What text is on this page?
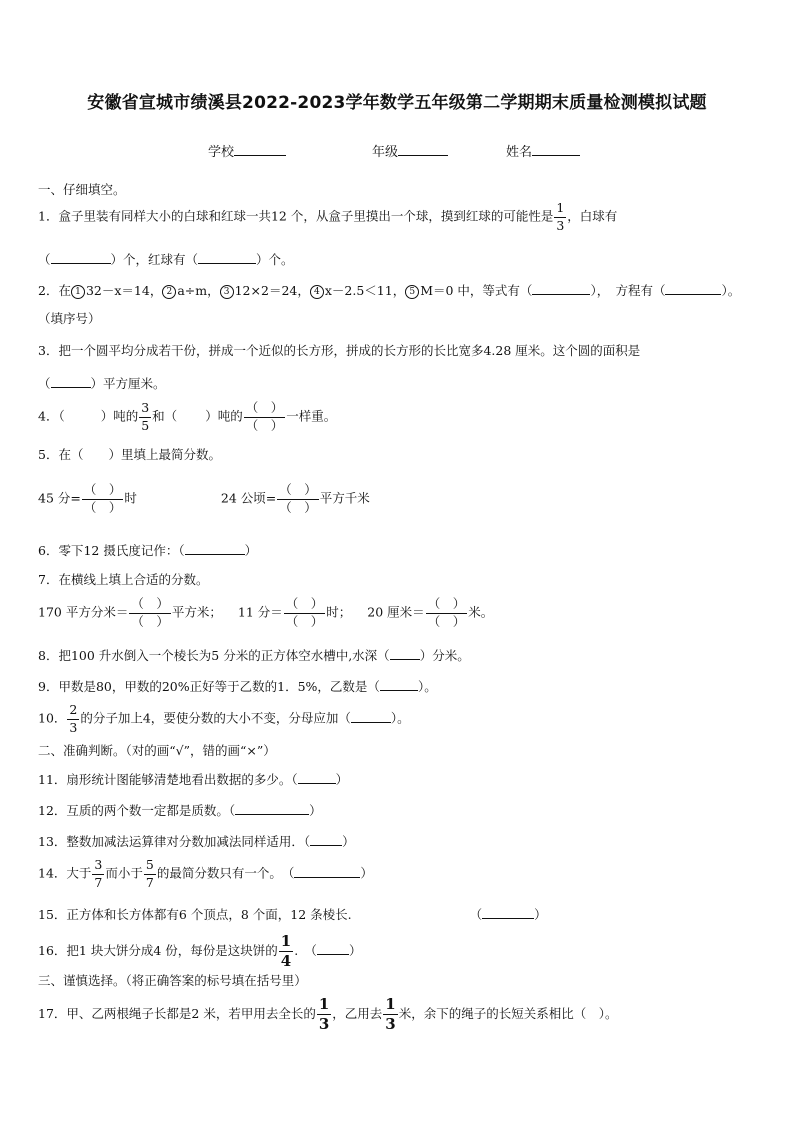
安徽省宣城市绩溪县2022-2023学年数学五年级第二学期期末质量检测模拟试题
学校	年级	姓名
一、仔细填空。
1．盒子里装有同样大小的白球和红球一共12 个，从盒子里摸出一个球，摸到红球的可能性是 $\frac{1}{3}$ ，白球有
（	）个，红球有（	）个。
2．在 1 32－x＝14， 2 a÷m， 3 12×2＝24， 4 x－2.5＜11， 5 M＝0 中，等式有（	），　方程有（	）。
（填序号）
3．把一个圆平均分成若干份，拼成一个近似的长方形，拼成的长方形的长比宽多4.28 厘米。这个圆的面积是
（	）平方厘米。
4．（	）吨的 $\frac{3}{5}$ 和（ ）吨的 $\frac{( )}{( )}$ 一样重。
5．在（　　）里填上最简分数。
45 分= $\frac{( )}{( )}$ 时	24 公顷= $\frac{( )}{( )}$ 平方千米
6．零下12 摄氏度记作：（	）
7．在横线上填上合适的分数。
170 平方分米＝ $\frac{( )}{( )}$ 平方米； 11 分＝ $\frac{( )}{( )}$ 时； 20 厘米＝ $\frac{( )}{( )}$ 米。
8．把100 升水倒入一个棱长为5 分米的正方体空水槽中,水深（ ）分米。
9．甲数是80，甲数的20%正好等于乙数的1．5%，乙数是（	）。
10． $\frac{2}{3}$ 的分子加上4，要使分数的大小不变，分母应加（	）。
二、准确判断。（对的画“√”，错的画“×”）
11．扇形统计图能够清楚地看出数据的多少。（	）
12．互质的两个数一定都是质数。（	）
13．整数加减法运算律对分数加减法同样适用．（	）
14．大于 $\frac{3}{7}$ 而小于 $\frac{5}{7}$ 的最简分数只有一个。　（	）
15．正方体和长方体都有6 个顶点，8 个面，12 条棱长.	（	）
16．把1 块大饼分成4 份，每份是这块饼的 $\frac{1}{4}$ .　（	）
三、谨慎选择。（将正确答案的标号填在括号里）
17．甲、乙两根绳子长都是2 米，若甲用去全长的 $\frac{1}{3}$ ，乙用去 $\frac{1}{3}$ 米，余下的绳子的长短关系相比（　）。
